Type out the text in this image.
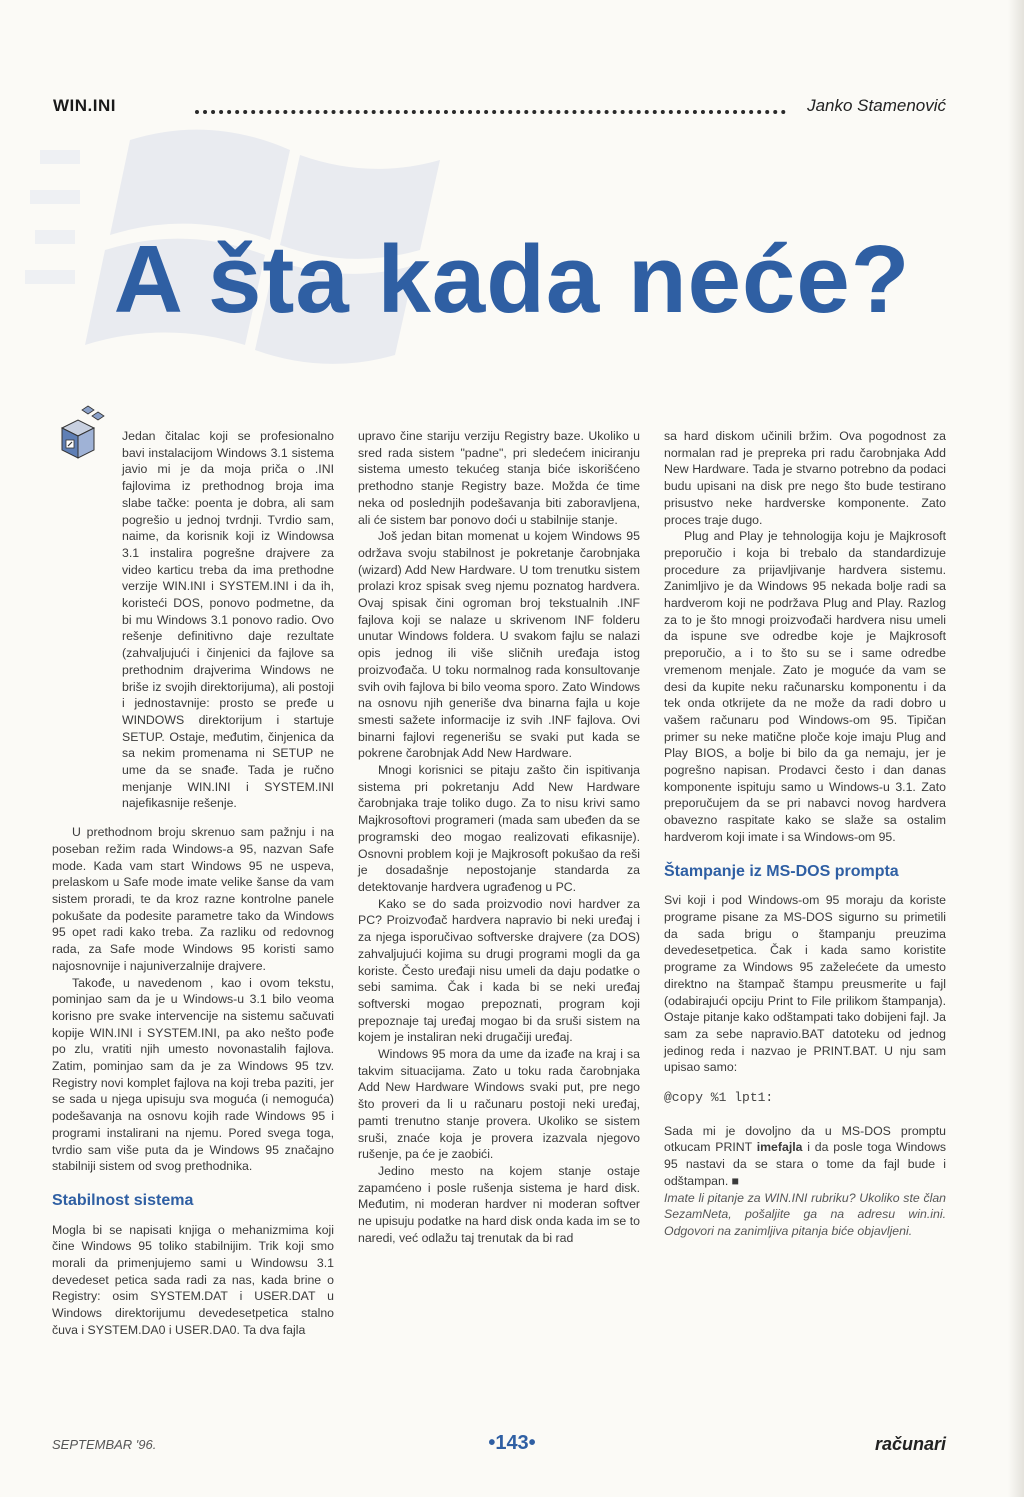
WIN.INI	Janko Stamenović
A šta kada neće?

Jedan čitalac koji se profesionalno bavi instalacijom Windows 3.1 sistema javio mi je da moja priča o .INI fajlovima iz prethodnog broja ima slabe tačke: poenta je dobra, ali sam pogrešio u jednoj tvrdnji. Tvrdio sam, naime, da korisnik koji iz Windowsa 3.1 instalira pogrešne drajvere za video karticu treba da ima prethodne verzije WIN.INI i SYSTEM.INI i da ih, koristeći DOS, ponovo podmetne, da bi mu Windows 3.1 ponovo radio. Ovo rešenje definitivno daje rezultate (zahvaljujući i činjenici da fajlove sa prethodnim drajverima Windows ne briše iz svojih direktorijuma), ali postoji i jednostavnije: prosto se pređe u WINDOWS direktorijum i startuje SETUP. Ostaje, međutim, činjenica da sa nekim promenama ni SETUP ne ume da se snađe. Tada je ručno menjanje WIN.INI i SYSTEM.INI najefikasnije rešenje.

U prethodnom broju skrenuo sam pažnju i na poseban režim rada Windows-a 95, nazvan Safe mode. Kada vam start Windows 95 ne uspeva, prelaskom u Safe mode imate velike šanse da vam sistem proradi, te da kroz razne kontrolne panele pokušate da podesite parametre tako da Windows 95 opet radi kako treba. Za razliku od redovnog rada, za Safe mode Windows 95 koristi samo najosnovnije i najuniverzalnije drajvere.

Takođe, u navedenom , kao i ovom tekstu, pominjao sam da je u Windows-u 3.1 bilo veoma korisno pre svake intervencije na sistemu sačuvati kopije WIN.INI i SYSTEM.INI, pa ako nešto pođe po zlu, vratiti njih umesto novonastalih fajlova. Zatim, pominjao sam da je za Windows 95 tzv. Registry novi komplet fajlova na koji treba paziti, jer se sada u njega upisuju sva moguća (i nemoguća) podešavanja na osnovu kojih rade Windows 95 i programi instalirani na njemu. Pored svega toga, tvrdio sam više puta da je Windows 95 značajno stabilniji sistem od svog prethodnika.

Stabilnost sistema

Mogla bi se napisati knjiga o mehanizmima koji čine Windows 95 toliko stabilnijim. Trik koji smo morali da primenjujemo sami u Windowsu 3.1 devedeset petica sada radi za nas, kada brine o Registry: osim SYSTEM.DAT i USER.DAT u Windows direktorijumu devedesetpetica stalno čuva i SYSTEM.DA0 i USER.DA0. Ta dva fajla

upravo čine stariju verziju Registry baze. Ukoliko u sred rada sistem "padne", pri sledećem iniciranju sistema umesto tekućeg stanja biće iskorišćeno prethodno stanje Registry baze. Možda će time neka od poslednjih podešavanja biti zaboravljena, ali će sistem bar ponovo doći u stabilnije stanje.

Još jedan bitan momenat u kojem Windows 95 održava svoju stabilnost je pokretanje čarobnjaka (wizard) Add New Hardware. U tom trenutku sistem prolazi kroz spisak sveg njemu poznatog hardvera. Ovaj spisak čini ogroman broj tekstualnih .INF fajlova koji se nalaze u skrivenom INF folderu unutar Windows foldera. U svakom fajlu se nalazi opis jednog ili više sličnih uređaja istog proizvođača. U toku normalnog rada konsultovanje svih ovih fajlova bi bilo veoma sporo. Zato Windows na osnovu njih generiše dva binarna fajla u koje smesti sažete informacije iz svih .INF fajlova. Ovi binarni fajlovi regenerišu se svaki put kada se pokrene čarobnjak Add New Hardware.

Mnogi korisnici se pitaju zašto čin ispitivanja sistema pri pokretanju Add New Hardware čarobnjaka traje toliko dugo. Za to nisu krivi samo Majkrosoftovi programeri (mada sam ubeđen da se programski deo mogao realizovati efikasnije). Osnovni problem koji je Majkrosoft pokušao da reši je dosadašnje nepostojanje standarda za detektovanje hardvera ugrađenog u PC.

Kako se do sada proizvodio novi hardver za PC? Proizvođač hardvera napravio bi neki uređaj i za njega isporučivao softverske drajvere (za DOS) zahvaljujući kojima su drugi programi mogli da ga koriste. Često uređaji nisu umeli da daju podatke o sebi samima. Čak i kada bi se neki uređaj softverski mogao prepoznati, program koji prepoznaje taj uređaj mogao bi da sruši sistem na kojem je instaliran neki drugačiji uređaj.

Windows 95 mora da ume da izađe na kraj i sa takvim situacijama. Zato u toku rada čarobnjaka Add New Hardware Windows svaki put, pre nego što proveri da li u računaru postoji neki uređaj, pamti trenutno stanje provera. Ukoliko se sistem sruši, znaće koja je provera izazvala njegovo rušenje, pa će je zaobići.

Jedino mesto na kojem stanje ostaje zapamćeno i posle rušenja sistema je hard disk. Međutim, ni moderan hardver ni moderan softver ne upisuju podatke na hard disk onda kada im se to naredi, već odlažu taj trenutak da bi rad

sa hard diskom učinili bržim. Ova pogodnost za normalan rad je prepreka pri radu čarobnjaka Add New Hardware. Tada je stvarno potrebno da podaci budu upisani na disk pre nego što bude testirano prisustvo neke hardverske komponente. Zato proces traje dugo.

Plug and Play je tehnologija koju je Majkrosoft preporučio i koja bi trebalo da standardizuje procedure za prijavljivanje hardvera sistemu. Zanimljivo je da Windows 95 nekada bolje radi sa hardverom koji ne podržava Plug and Play. Razlog za to je što mnogi proizvođači hardvera nisu umeli da ispune sve odredbe koje je Majkrosoft preporučio, a i to što su se i same odredbe vremenom menjale. Zato je moguće da vam se desi da kupite neku računarsku komponentu i da tek onda otkrijete da ne može da radi dobro u vašem računaru pod Windows-om 95. Tipičan primer su neke matične ploče koje imaju Plug and Play BIOS, a bolje bi bilo da ga nemaju, jer je pogrešno napisan. Prodavci često i dan danas komponente ispituju samo u Windows-u 3.1. Zato preporučujem da se pri nabavci novog hardvera obavezno raspitate kako se slaže sa ostalim hardverom koji imate i sa Windows-om 95.

Štampanje iz MS-DOS prompta

Svi koji i pod Windows-om 95 moraju da koriste programe pisane za MS-DOS sigurno su primetili da sada brigu o štampanju preuzima devedesetpetica. Čak i kada samo koristite programe za Windows 95 zaželećete da umesto direktno na štampač štampu preusmerite u fajl (odabirajući opciju Print to File prilikom štampanja). Ostaje pitanje kako odštampati tako dobijeni fajl. Ja sam za sebe napravio.BAT datoteku od jednog jedinog reda i nazvao je PRINT.BAT. U nju sam upisao samo:

@copy %1 lpt1:

Sada mi je dovoljno da u MS-DOS promptu otkucam PRINT imefajla i da posle toga Windows 95 nastavi da se stara o tome da fajl bude i odštampan. ■

Imate li pitanje za WIN.INI rubriku? Ukoliko ste član SezamNeta, pošaljite ga na adresu win.ini. Odgovori na zanimljiva pitanja biće objavljeni.

SEPTEMBAR '96.	•143•	računari
